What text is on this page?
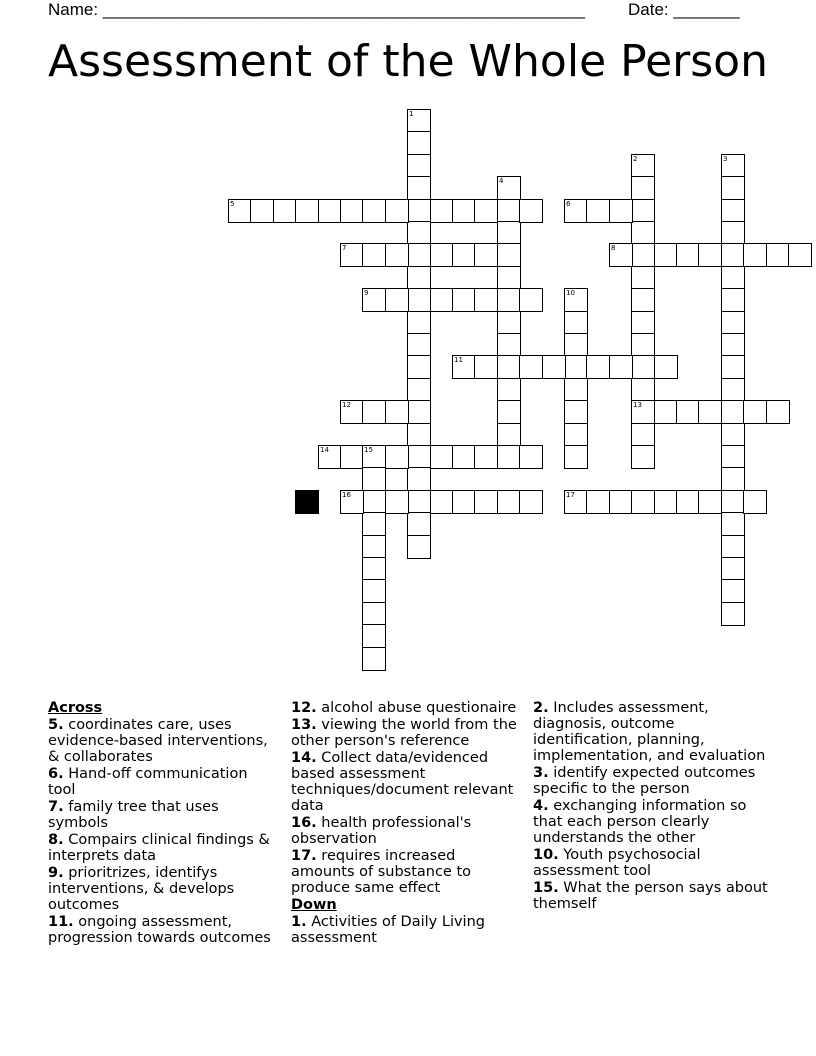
Name: ___________________________________________________	Date: _______
Assessment of the Whole Person
1
2
13
3
4
5	6
7	8
9	10
11
12
14	15
16	17
Across
5. coordinates care, uses evidence-based interventions, & collaborates
6. Hand-off communication tool
7. family tree that uses symbols
8. Compairs clinical findings & interprets data
9. prioritrizes, identifys interventions, & develops outcomes
11. ongoing assessment, progression towards outcomes
12. alcohol abuse questionaire
13. viewing the world from the other person's reference
14. Collect data/evidenced based assessment techniques/document relevant data
16. health professional's observation
17. requires increased amounts of substance to produce same effect
Down
1. Activities of Daily Living assessment
2. Includes assessment, diagnosis, outcome identification, planning, implementation, and evaluation
3. identify expected outcomes specific to the person
4. exchanging information so that each person clearly understands the other
10. Youth psychosocial assessment tool
15. What the person says about themself
